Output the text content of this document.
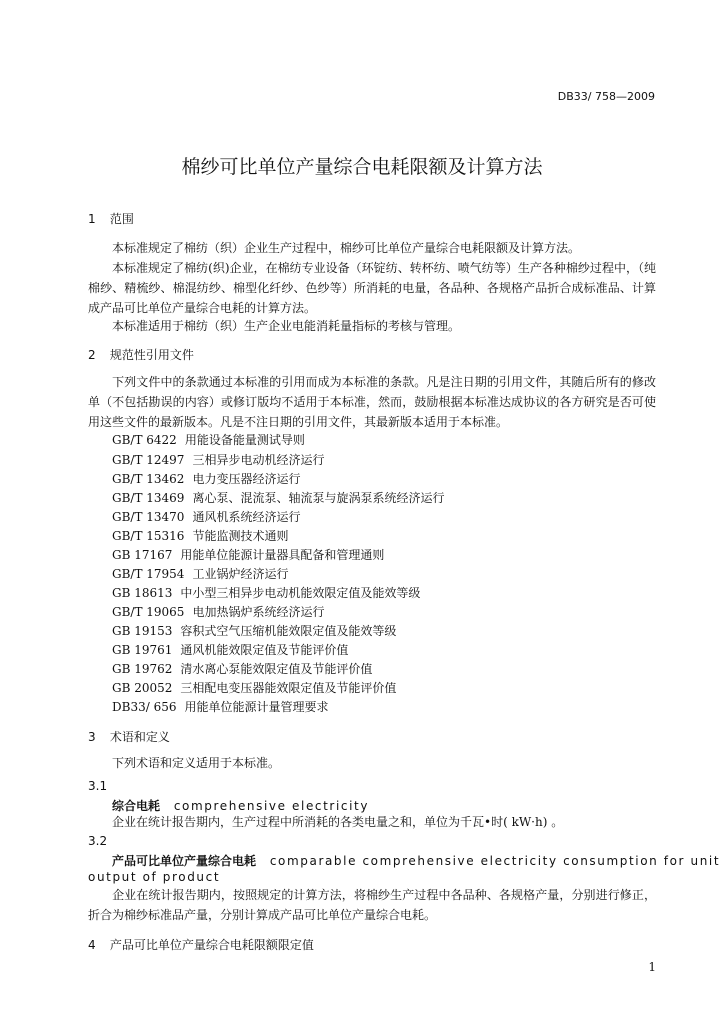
DB33/ 758—2009
棉纱可比单位产量综合电耗限额及计算方法
1 范围
本标准规定了棉纺（织）企业生产过程中，棉纱可比单位产量综合电耗限额及计算方法。
本标准规定了棉纺(织)企业，在棉纺专业设备（环锭纺、转杯纺、喷气纺等）生产各种棉纱过程中，（纯棉纱、精梳纱、棉混纺纱、棉型化纤纱、色纱等）所消耗的电量，各品种、各规格产品折合成标准品、计算成产品可比单位产量综合电耗的计算方法。
本标准适用于棉纺（织）生产企业电能消耗量指标的考核与管理。
2 规范性引用文件
下列文件中的条款通过本标准的引用而成为本标准的条款。凡是注日期的引用文件，其随后所有的修改单（不包括勘误的内容）或修订版均不适用于本标准，然而，鼓励根据本标准达成协议的各方研究是否可使用这些文件的最新版本。凡是不注日期的引用文件，其最新版本适用于本标准。
GB/T 6422 用能设备能量测试导则
GB/T 12497 三相异步电动机经济运行
GB/T 13462 电力变压器经济运行
GB/T 13469 离心泵、混流泵、轴流泵与旋涡泵系统经济运行
GB/T 13470 通风机系统经济运行
GB/T 15316 节能监测技术通则
GB 17167 用能单位能源计量器具配备和管理通则
GB/T 17954 工业锅炉经济运行
GB 18613 中小型三相异步电动机能效限定值及能效等级
GB/T 19065 电加热锅炉系统经济运行
GB 19153 容积式空气压缩机能效限定值及能效等级
GB 19761 通风机能效限定值及节能评价值
GB 19762 清水离心泵能效限定值及节能评价值
GB 20052 三相配电变压器能效限定值及节能评价值
DB33/ 656 用能单位能源计量管理要求
3 术语和定义
下列术语和定义适用于本标准。
3.1
综合电耗 comprehensive electricity
企业在统计报告期内，生产过程中所消耗的各类电量之和，单位为千瓦•时( kW·h) 。
3.2
产品可比单位产量综合电耗 comparable comprehensive electricity consumption for unit
output of product
企业在统计报告期内，按照规定的计算方法，将棉纱生产过程中各品种、各规格产量，分别进行修正，折合为棉纱标准品产量，分别计算成产品可比单位产量综合电耗。
4 产品可比单位产量综合电耗限额限定值
1
